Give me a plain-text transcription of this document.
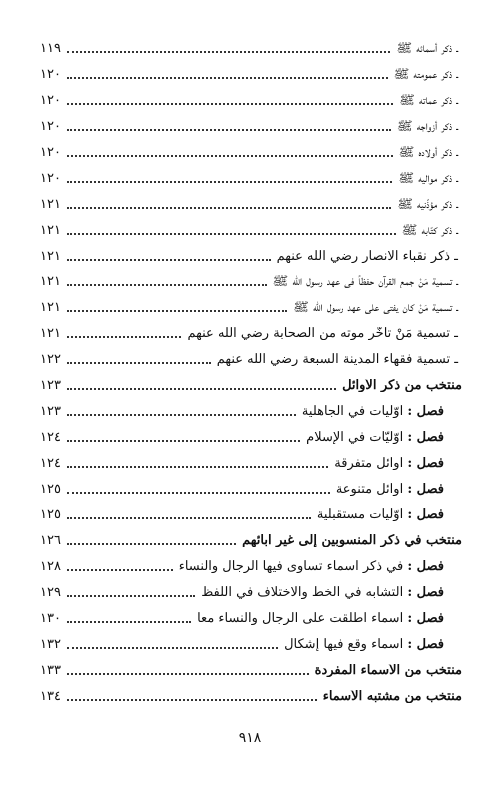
ـ ذكر أسمائه ﷺ
١١٩
ـ ذكر عمومته ﷺ
١٢٠
ـ ذكر عماته ﷺ
١٢٠
ـ ذكر أزواجه ﷺ
١٢٠
ـ ذكر أولاده ﷺ
١٢٠
ـ ذكر مواليه ﷺ
١٢٠
ـ ذكر مؤذّنيه ﷺ
١٢١
ـ ذكر كتّابه ﷺ
١٢١
ـ ذكر نقباء الأنصار رضي الله عنهم
١٢١
ـ تسمية مَنْ جمع القرآن حفظاً في عهد رسول الله ﷺ
١٢١
ـ تسمية مَنْ كان يفتي على عهد رسول الله ﷺ
١٢١
ـ تسمية مَنْ تأخّر موته من الصحابة رضي الله عنهم
١٢١
ـ تسمية فقهاء المدينة السبعة رضي الله عنهم
١٢٢
منتخب من ذكر الأوائل
١٢٣
فصل : أوّليات في الجاهلية
١٢٣
فصل : أوّليّات في الإسلام
١٢٤
فصل : أوائل متفرقة
١٢٤
فصل : أوائل متنوعة
١٢٥
فصل : أوّليات مستقبلية
١٢٥
منتخب في ذكر المنسوبين إلى غير آبائهم
١٢٦
فصل : في ذكر أسماء تساوى فيها الرجال والنساء
١٢٨
فصل : التشابه في الخط والاختلاف في اللفظ
١٢٩
فصل : أسماء أطلقت على الرجال والنساء معاً
١٣٠
فصل : أسماء وقع فيها إشكال
١٣٢
منتخب من الأسماء المفردة
١٣٣
منتخب من مشتبه الأسماء
١٣٤
٩١٨
